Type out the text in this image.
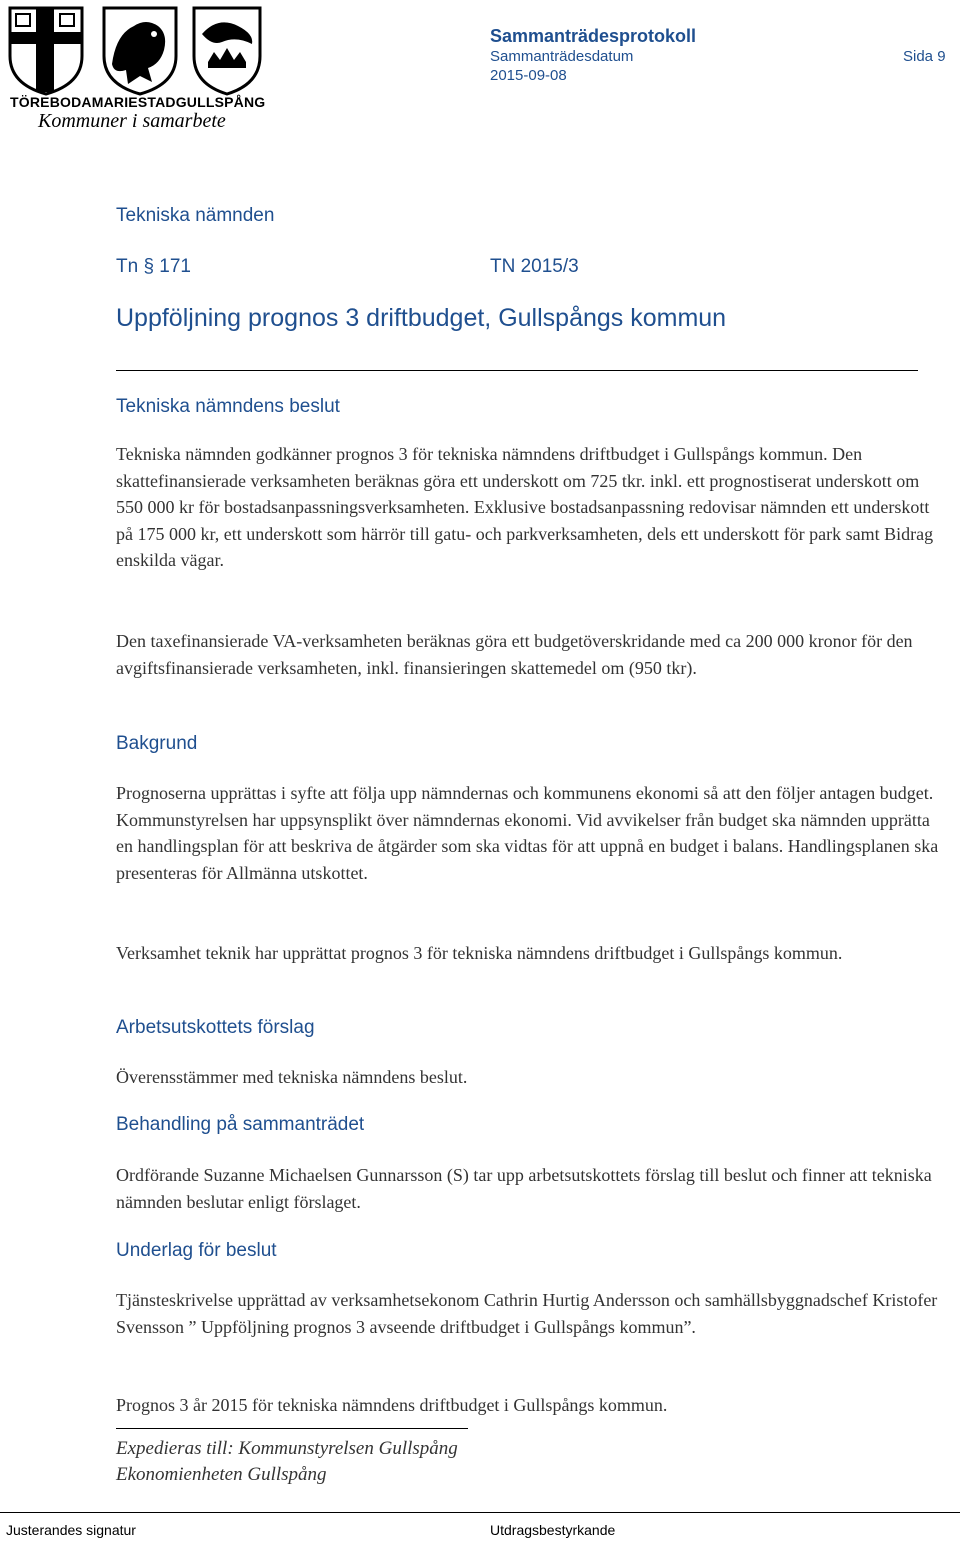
TÖREBODA MARIESTAD GULLSPÅNG
Kommuner i samarbete
Sammanträdesprotokoll
Sammanträdesdatum
2015-09-08
Sida 9
Tekniska nämnden
Tn § 171	TN 2015/3
Uppföljning prognos 3 driftbudget, Gullspångs kommun
Tekniska nämndens beslut

Tekniska nämnden godkänner prognos 3 för tekniska nämndens driftbudget i Gullspångs kommun. Den skattefinansierade verksamheten beräknas göra ett underskott om 725 tkr. inkl. ett prognostiserat underskott om 550 000 kr för bostadsanpassningsverksamheten. Exklusive bostadsanpassning redovisar nämnden ett underskott på 175 000 kr, ett underskott som härrör till gatu- och parkverksamheten, dels ett underskott för park samt Bidrag enskilda vägar.

Den taxefinansierade VA-verksamheten beräknas göra ett budgetöverskridande med ca 200 000 kronor för den avgiftsfinansierade verksamheten, inkl. finansieringen skattemedel om (950 tkr).

Bakgrund

Prognoserna upprättas i syfte att följa upp nämndernas och kommunens ekonomi så att den följer antagen budget. Kommunstyrelsen har uppsynsplikt över nämndernas ekonomi. Vid avvikelser från budget ska nämnden upprätta en handlingsplan för att beskriva de åtgärder som ska vidtas för att uppnå en budget i balans. Handlingsplanen ska presenteras för Allmänna utskottet.

Verksamhet teknik har upprättat prognos 3 för tekniska nämndens driftbudget i Gullspångs kommun.

Arbetsutskottets förslag

Överensstämmer med tekniska nämndens beslut.

Behandling på sammanträdet

Ordförande Suzanne Michaelsen Gunnarsson (S) tar upp arbetsutskottets förslag till beslut och finner att tekniska nämnden beslutar enligt förslaget.

Underlag för beslut

Tjänsteskrivelse upprättad av verksamhetsekonom Cathrin Hurtig Andersson och samhällsbyggnadschef Kristofer Svensson ” Uppföljning prognos 3 avseende driftbudget i Gullspångs kommun”.

Prognos 3 år 2015 för tekniska nämndens driftbudget i Gullspångs kommun.

Expedieras till: Kommunstyrelsen Gullspång
Ekonomienheten Gullspång
Justerandes signatur	Utdragsbestyrkande
